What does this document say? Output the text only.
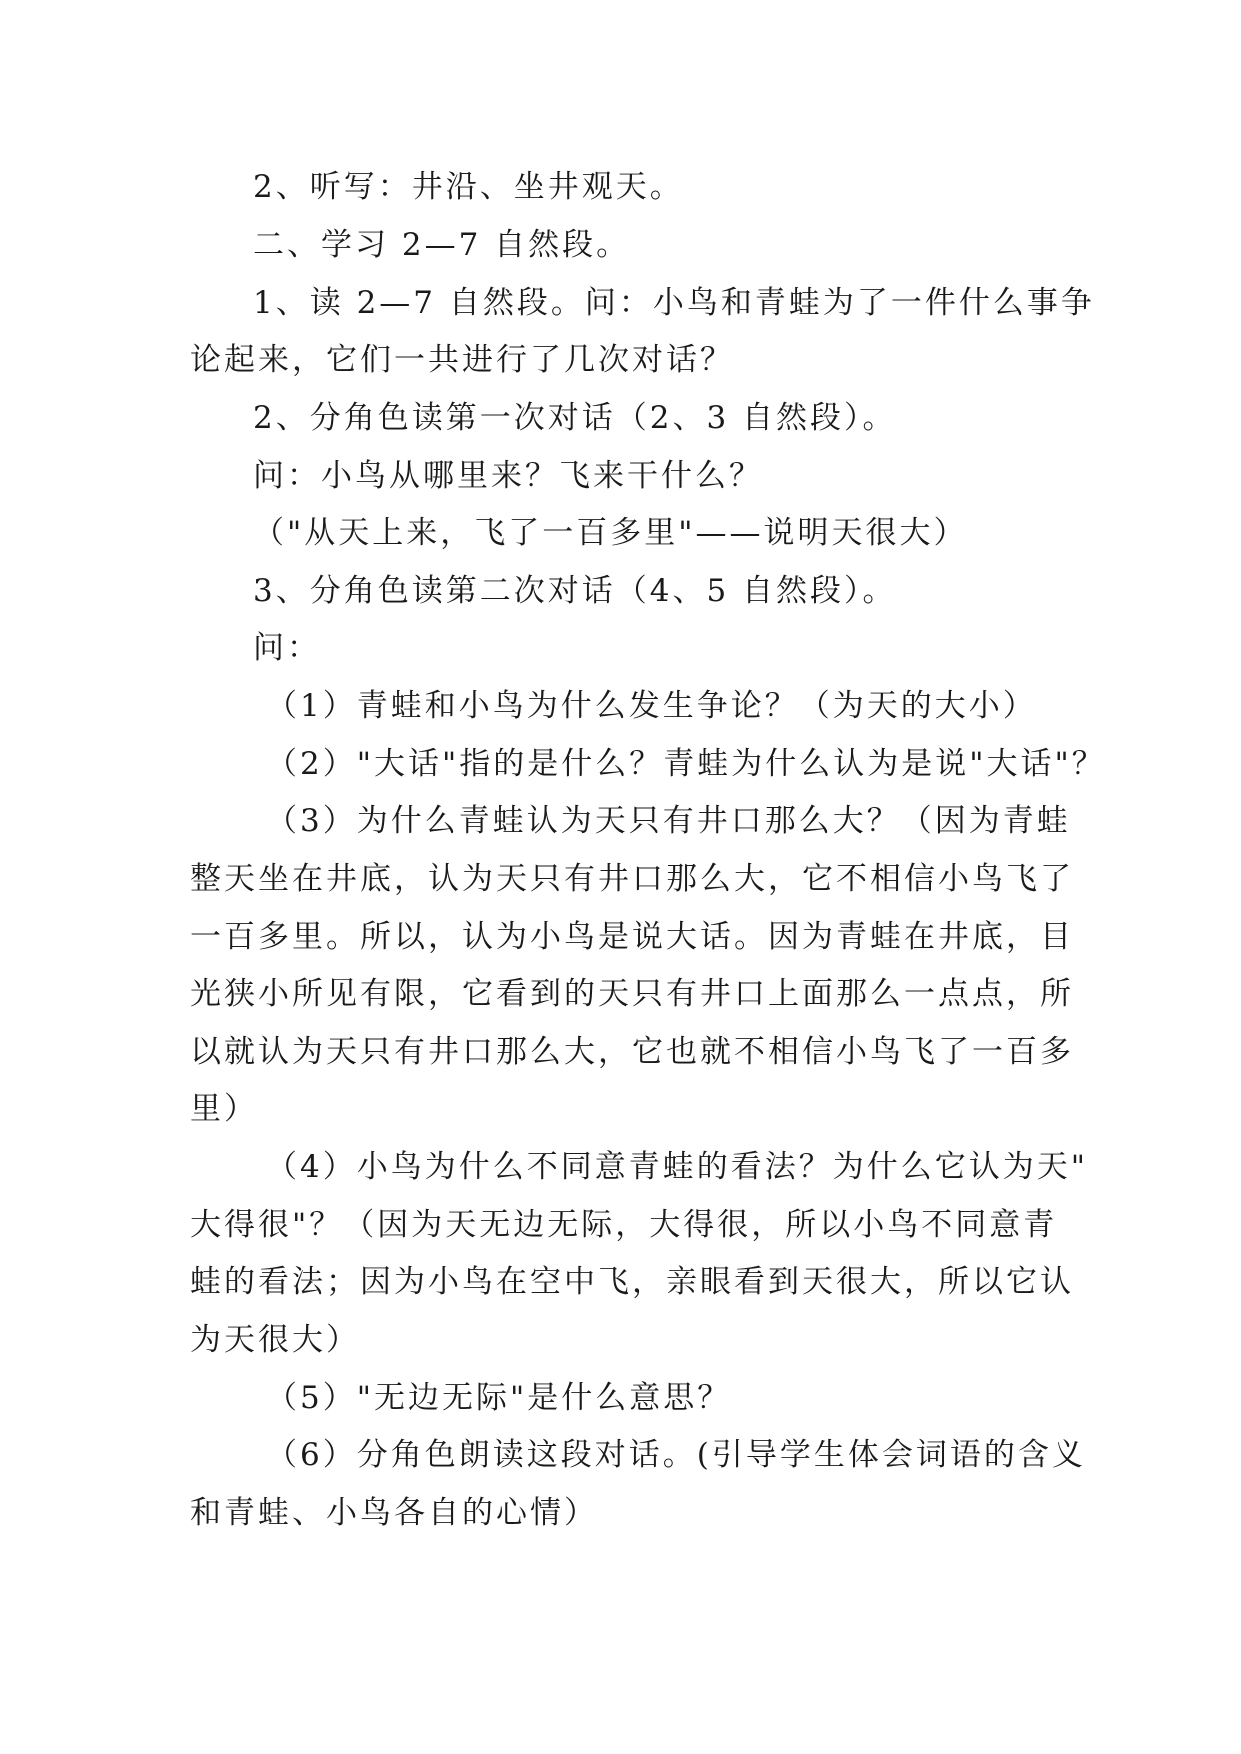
2、听写：井沿、坐井观天。
二、学习 2—7 自然段。
1、读 2—7 自然段。问：小鸟和青蛙为了一件什么事争
论起来，它们一共进行了几次对话？
2、分角色读第一次对话（2、3 自然段）。
问：小鸟从哪里来？飞来干什么？
（"从天上来，飞了一百多里"——说明天很大）
3、分角色读第二次对话（4、5 自然段）。
问：
（1）青蛙和小鸟为什么发生争论？（为天的大小）
（2）"大话"指的是什么？青蛙为什么认为是说"大话"？
（3）为什么青蛙认为天只有井口那么大？（因为青蛙
整天坐在井底，认为天只有井口那么大，它不相信小鸟飞了
一百多里。所以，认为小鸟是说大话。因为青蛙在井底，目
光狭小所见有限，它看到的天只有井口上面那么一点点，所
以就认为天只有井口那么大，它也就不相信小鸟飞了一百多
里）
（4）小鸟为什么不同意青蛙的看法？为什么它认为天"
大得很"？（因为天无边无际，大得很，所以小鸟不同意青
蛙的看法；因为小鸟在空中飞，亲眼看到天很大，所以它认
为天很大）
（5）"无边无际"是什么意思？
（6）分角色朗读这段对话。(引导学生体会词语的含义
和青蛙、小鸟各自的心情）
